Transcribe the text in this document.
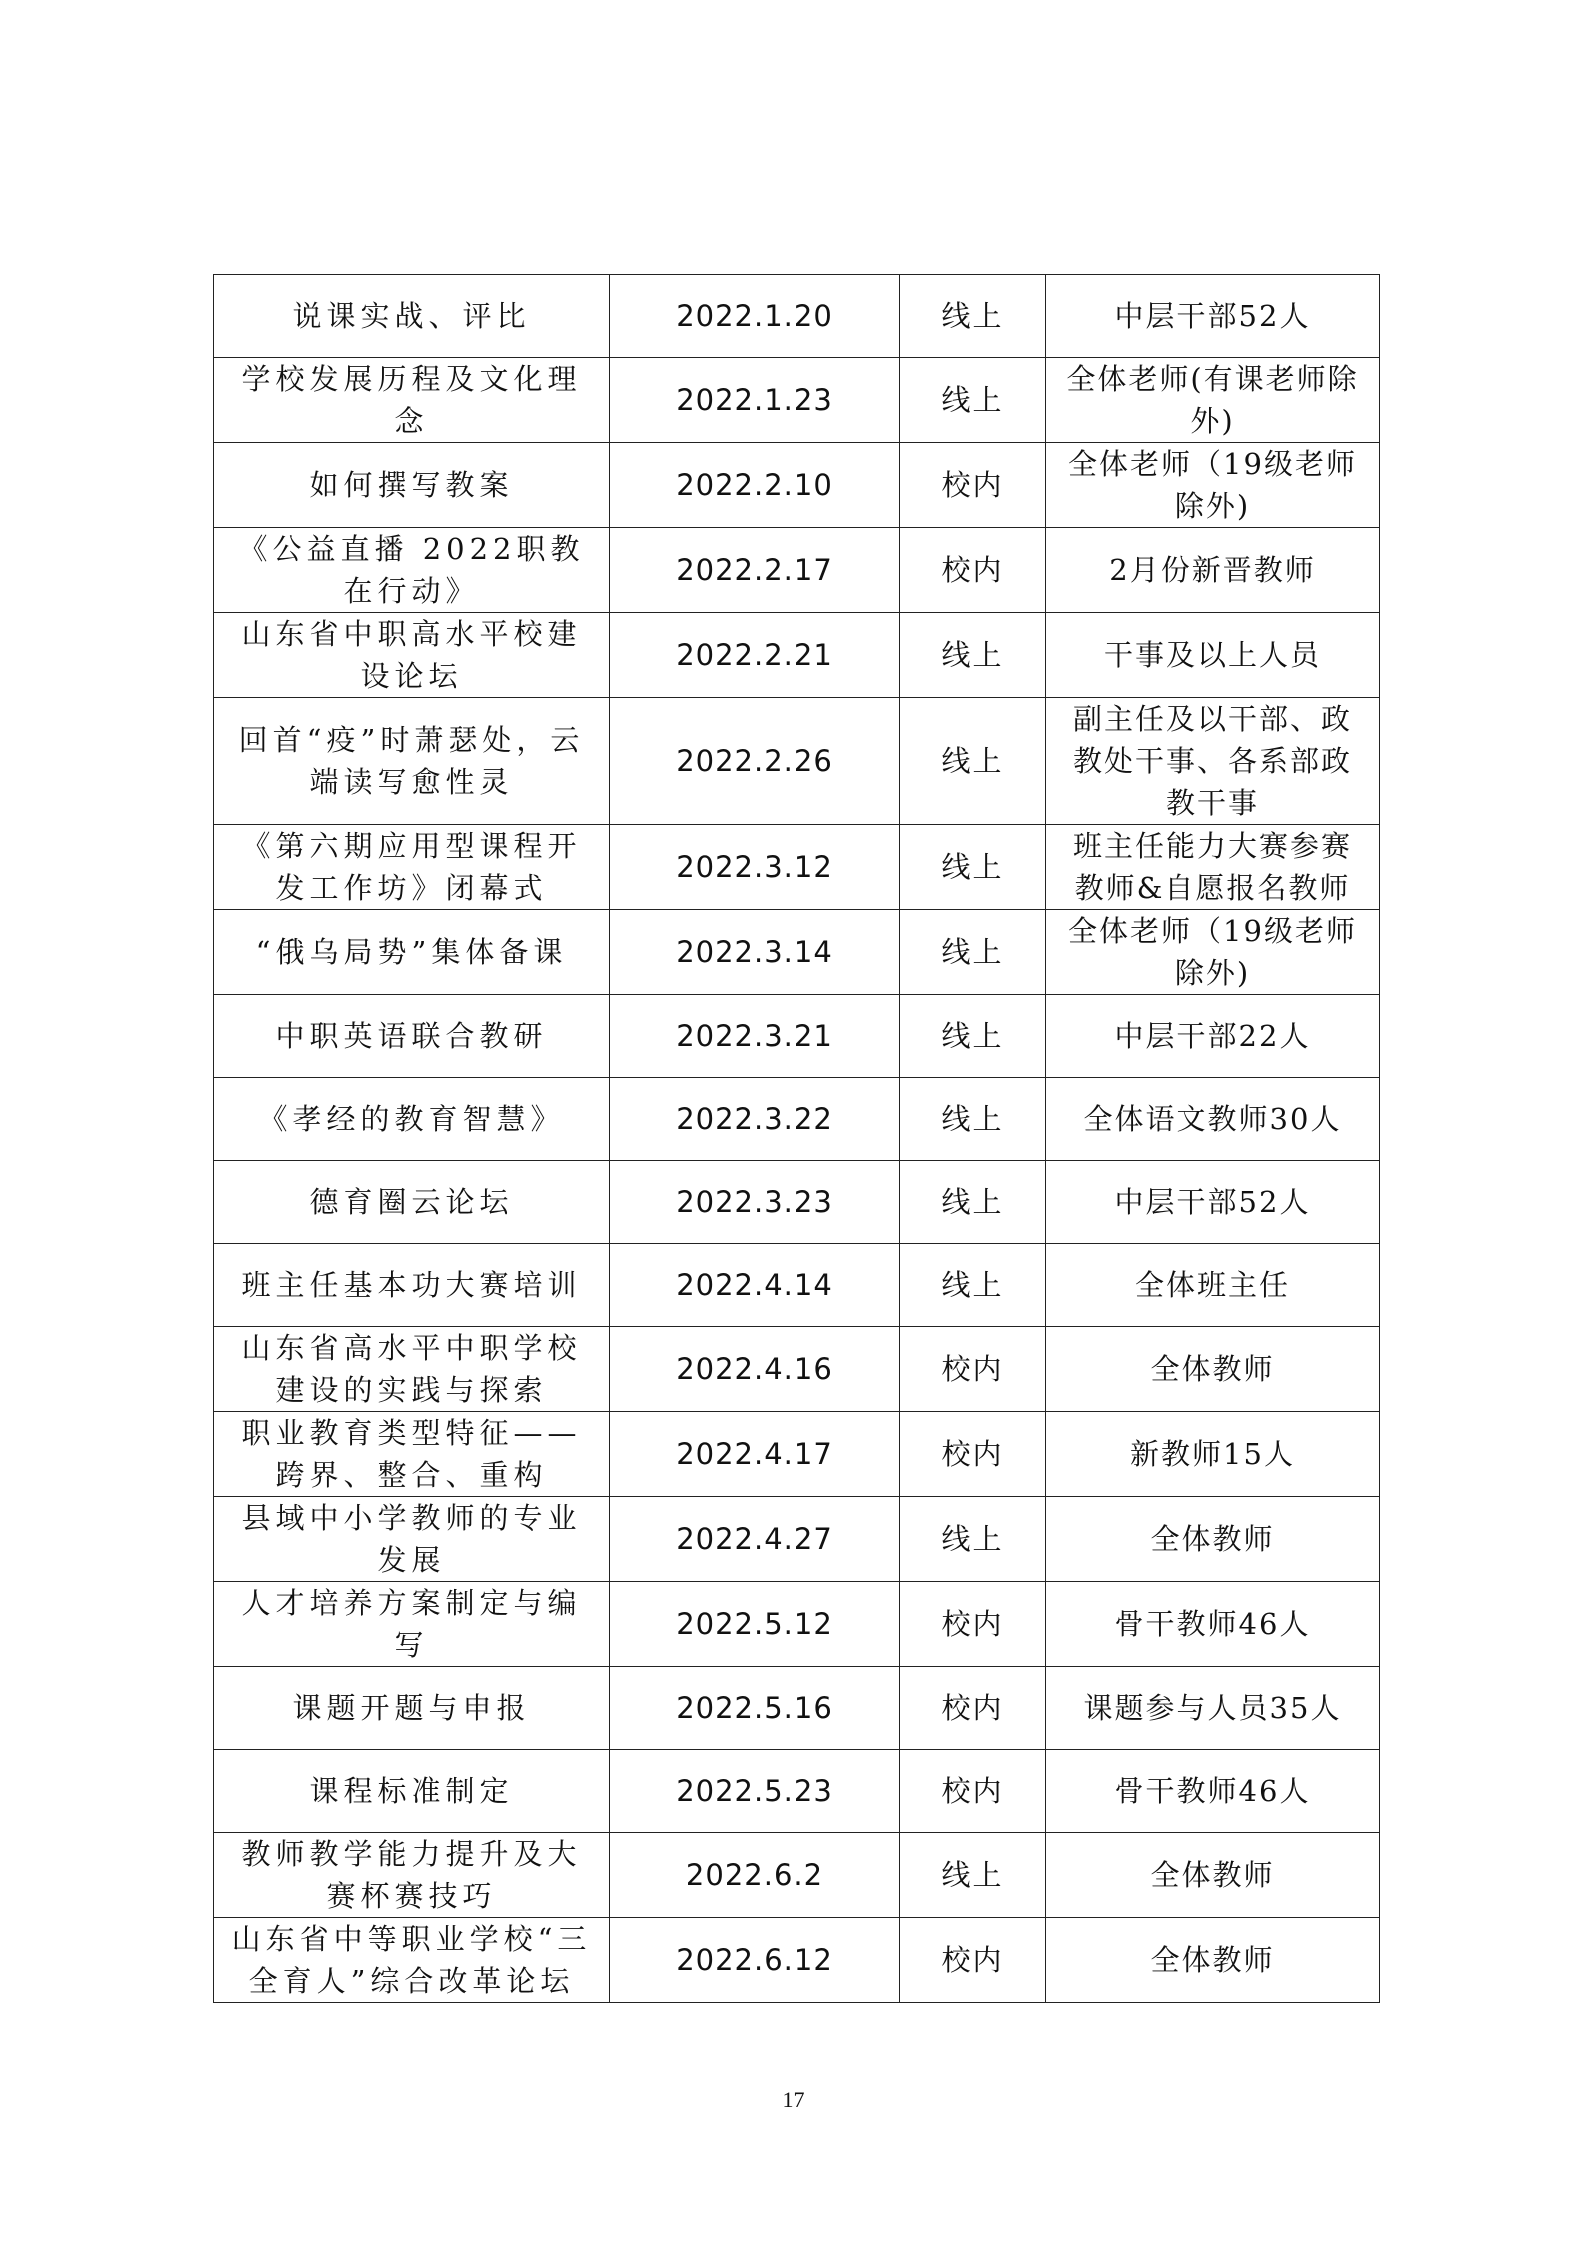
说课实战、评比	2022.1.20	线上	中层干部52人
学校发展历程及文化理念	2022.1.23	线上	全体老师(有课老师除外)
如何撰写教案	2022.2.10	校内	全体老师（19级老师除外)
《公益直播 2022职教在行动》	2022.2.17	校内	2月份新晋教师
山东省中职高水平校建设论坛	2022.2.21	线上	干事及以上人员
回首“疫”时萧瑟处，云端读写愈性灵	2022.2.26	线上	副主任及以干部、政教处干事、各系部政教干事
《第六期应用型课程开发工作坊》闭幕式	2022.3.12	线上	班主任能力大赛参赛教师&自愿报名教师
“俄乌局势”集体备课	2022.3.14	线上	全体老师（19级老师除外)
中职英语联合教研	2022.3.21	线上	中层干部22人
《孝经的教育智慧》	2022.3.22	线上	全体语文教师30人
德育圈云论坛	2022.3.23	线上	中层干部52人
班主任基本功大赛培训	2022.4.14	线上	全体班主任
山东省高水平中职学校建设的实践与探索	2022.4.16	校内	全体教师
职业教育类型特征——跨界、整合、重构	2022.4.17	校内	新教师15人
县域中小学教师的专业发展	2022.4.27	线上	全体教师
人才培养方案制定与编写	2022.5.12	校内	骨干教师46人
课题开题与申报	2022.5.16	校内	课题参与人员35人
课程标准制定	2022.5.23	校内	骨干教师46人
教师教学能力提升及大赛杯赛技巧	2022.6.2	线上	全体教师
山东省中等职业学校“三全育人”综合改革论坛	2022.6.12	校内	全体教师
17
